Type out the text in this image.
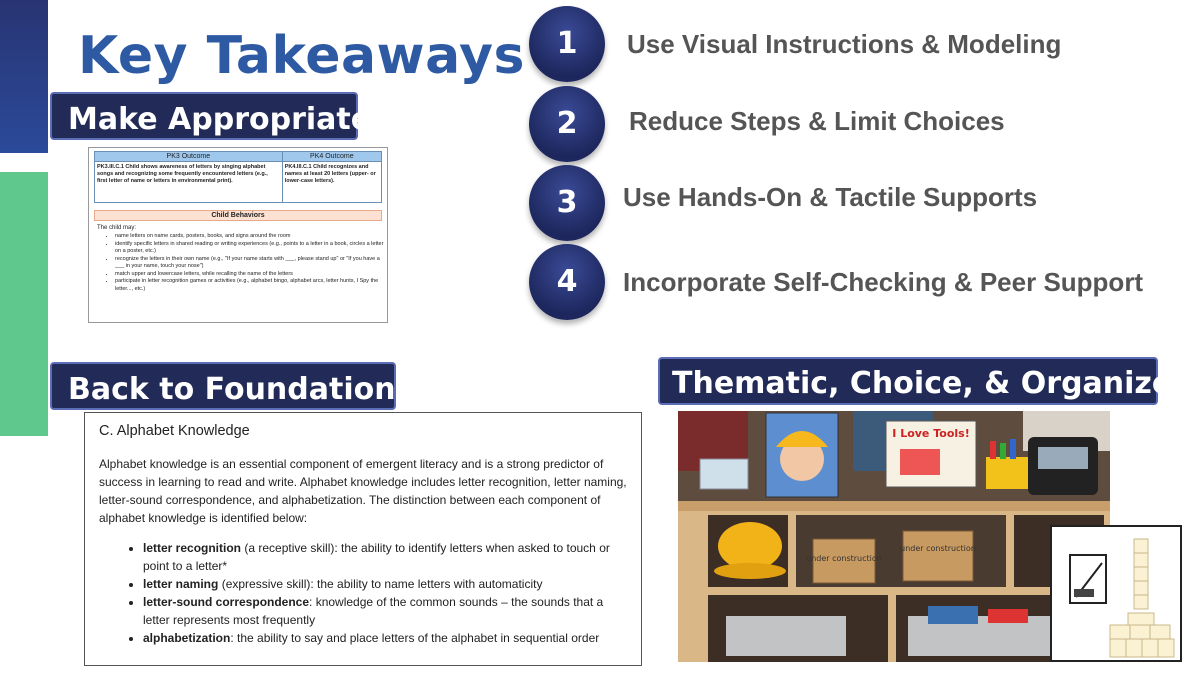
Key Takeaways
Make Appropriate
Back to Foundations	Thematic, Choice, & Organized
1	Use Visual Instructions & Modeling
2	Reduce Steps & Limit Choices
3	Use Hands-On & Tactile Supports
4	Incorporate Self-Checking & Peer Support
PK3 Outcome	PK4 Outcome
PK3.III.C.1 Child shows awareness of letters by singing alphabet songs and recognizing some frequently encountered letters (e.g., first letter of name or letters in environmental print).	PK4.III.C.1 Child recognizes and names at least 20 letters (upper- or lower-case letters).
Child Behaviors
The child may:
• name letters on name cards, posters, books, and signs around the room
• identify specific letters in shared reading or writing experiences (e.g., points to a letter in a book, circles a letter on a poster, etc.)
• recognize the letters in their own name (e.g., "If your name starts with ___, please stand up" or "If you have a ___ in your name, touch your nose")
• match upper and lowercase letters, while recalling the name of the letters
• participate in letter recognition games or activities (e.g., alphabet bingo, alphabet arcs, letter hunts, I Spy the letter..., etc.)
C. Alphabet Knowledge

Alphabet knowledge is an essential component of emergent literacy and is a strong predictor of success in learning to read and write. Alphabet knowledge includes letter recognition, letter naming, letter-sound correspondence, and alphabetization. The distinction between each component of alphabet knowledge is identified below:

• letter recognition (a receptive skill): the ability to identify letters when asked to touch or point to a letter*
• letter naming (expressive skill): the ability to name letters with automaticity
• letter-sound correspondence: knowledge of the common sounds – the sounds that a letter represents most frequently
• alphabetization: the ability to say and place letters of the alphabet in sequential order
under construction
under construction
I Love Tools!
